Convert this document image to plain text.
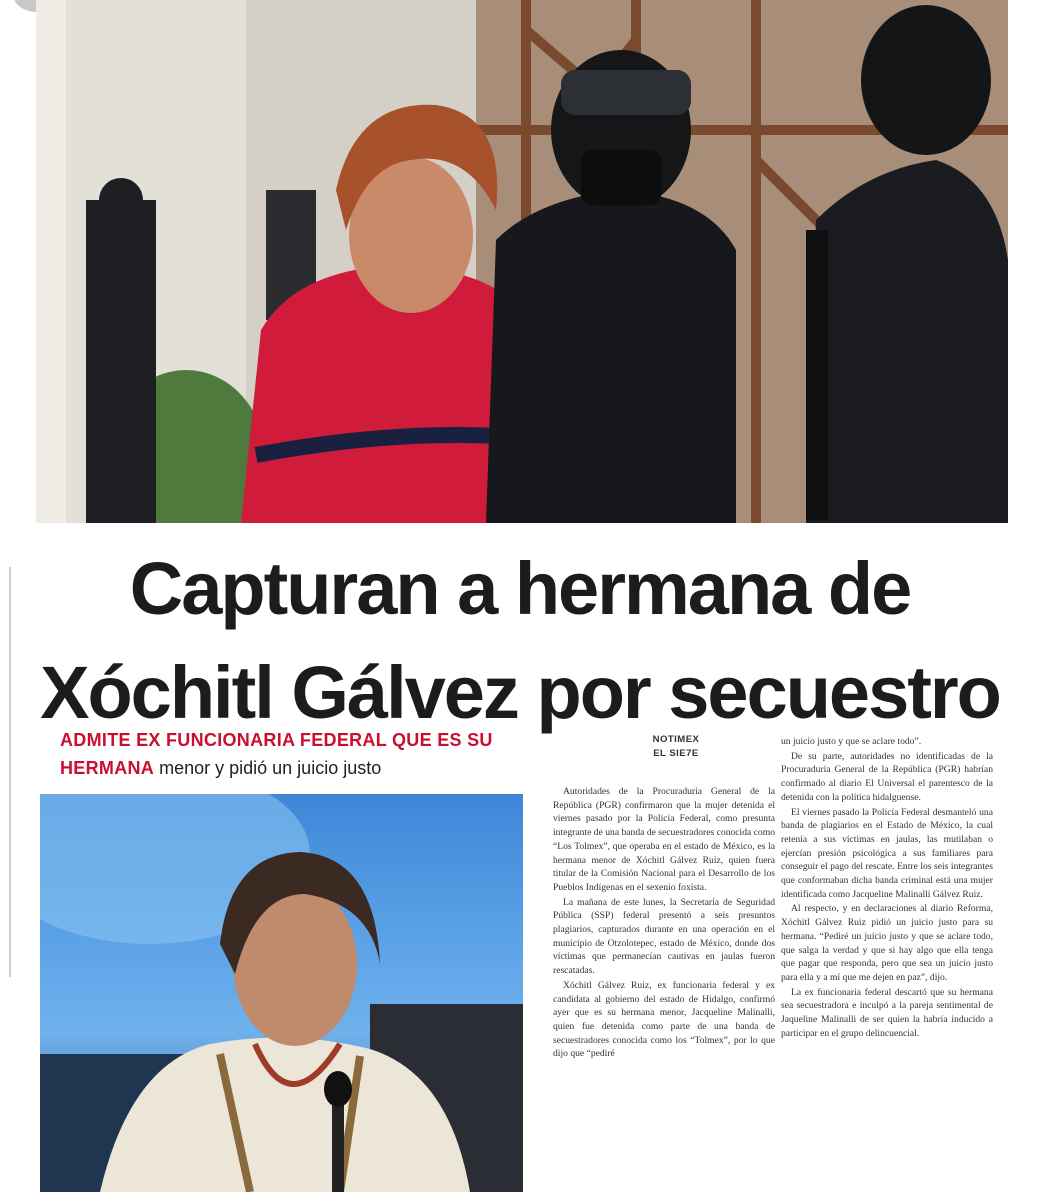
Capturan a hermana de
Xóchitl Gálvez por secuestro
ADMITE EX FUNCIONARIA FEDERAL QUE ES SU
HERMANA menor y pidió un juicio justo
NOTIMEX
EL SIE7E

Autoridades de la Procuraduría General de la República (PGR) confirmaron que la mujer detenida el viernes pasado por la Policía Federal, como presunta integrante de una banda de secuestradores conocida como “Los Tolmex”, que operaba en el estado de México, es la hermana menor de Xóchitl Gálvez Ruiz, quien fuera titular de la Comisión Nacional para el Desarrollo de los Pueblos Indígenas en el sexenio foxista.

La mañana de este lunes, la Secretaría de Seguridad Pública (SSP) federal presentó a seis presuntos plagiarios, capturados durante en una operación en el municipio de Otzolotepec, estado de México, donde dos víctimas que permanecían cautivas en jaulas fueron rescatadas.

Xóchitl Gálvez Ruiz, ex funcionaria federal y ex candidata al gobierno del estado de Hidalgo, confirmó ayer que es su hermana menor, Jacqueline Malinalli, quien fue detenida como parte de una banda de secuestradores conocida como los “Tolmex”, por lo que dijo que “pediré

un juicio justo y que se aclare todo”.

De su parte, autoridades no identificadas de la Procuraduría General de la República (PGR) habrían confirmado al diario El Universal el parentesco de la detenida con la política hidalguense.

El viernes pasado la Policía Federal desmanteló una banda de plagiarios en el Estado de México, la cual retenía a sus víctimas en jaulas, las mutilaban o ejercían presión psicológica a sus familiares para conseguir el pago del rescate. Entre los seis integrantes que conformaban dicha banda criminal está una mujer identificada como Jacqueline Malinalli Gálvez Ruiz.

Al respecto, y en declaraciones al diario Reforma, Xóchitl Gálvez Ruiz pidió un juicio justo para su hermana. “Pediré un juicio justo y que se aclare todo, que salga la verdad y que si hay algo que ella tenga que pagar que responda, pero que sea un juicio justo para ella y a mí que me dejen en paz”, dijo.

La ex funcionaria federal descartó que su hermana sea secuestradora e inculpó a la pareja sentimental de Jaqueline Malinalli de ser quien la habría inducido a participar en el grupo delincuencial.
